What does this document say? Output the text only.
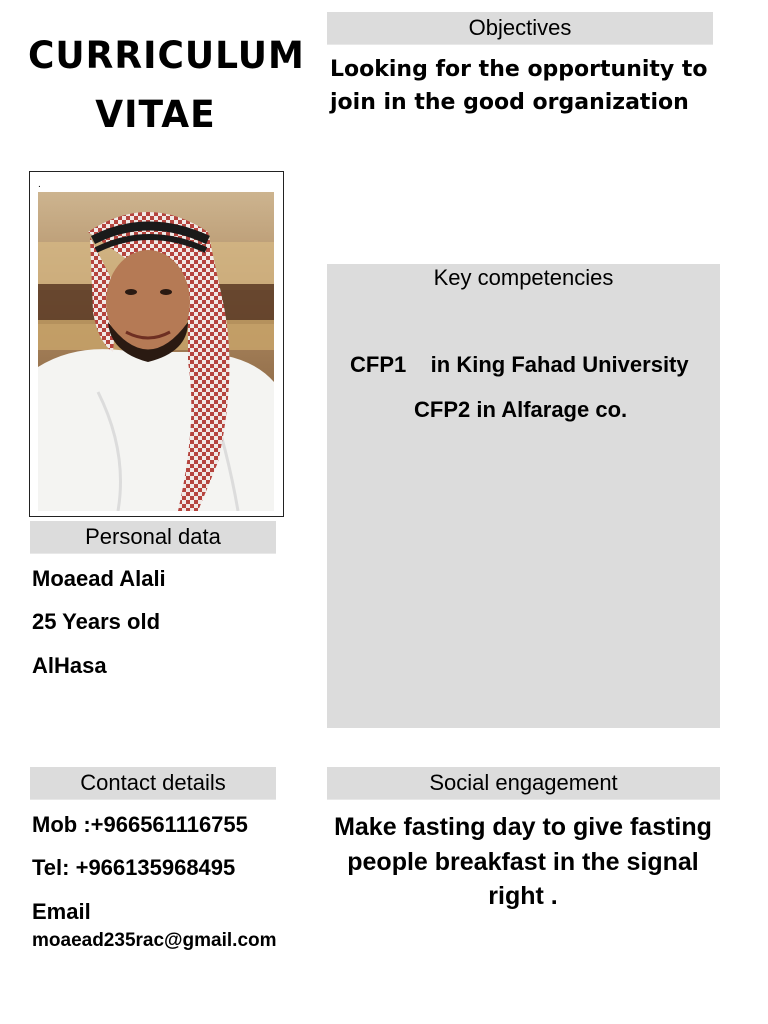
CURRICULUM VITAE
Objectives
Looking for the opportunity to join in the good organization
.
Key competencies
CFP1    in King Fahad University
CFP2 in Alfarage co.
Personal data
Moaead Alali
25 Years old
AlHasa
Contact details
Mob :+966561116755
Tel: +966135968495
Email
moaead235rac@gmail.com
Social engagement
Make fasting day to give fasting people breakfast in the signal right .
